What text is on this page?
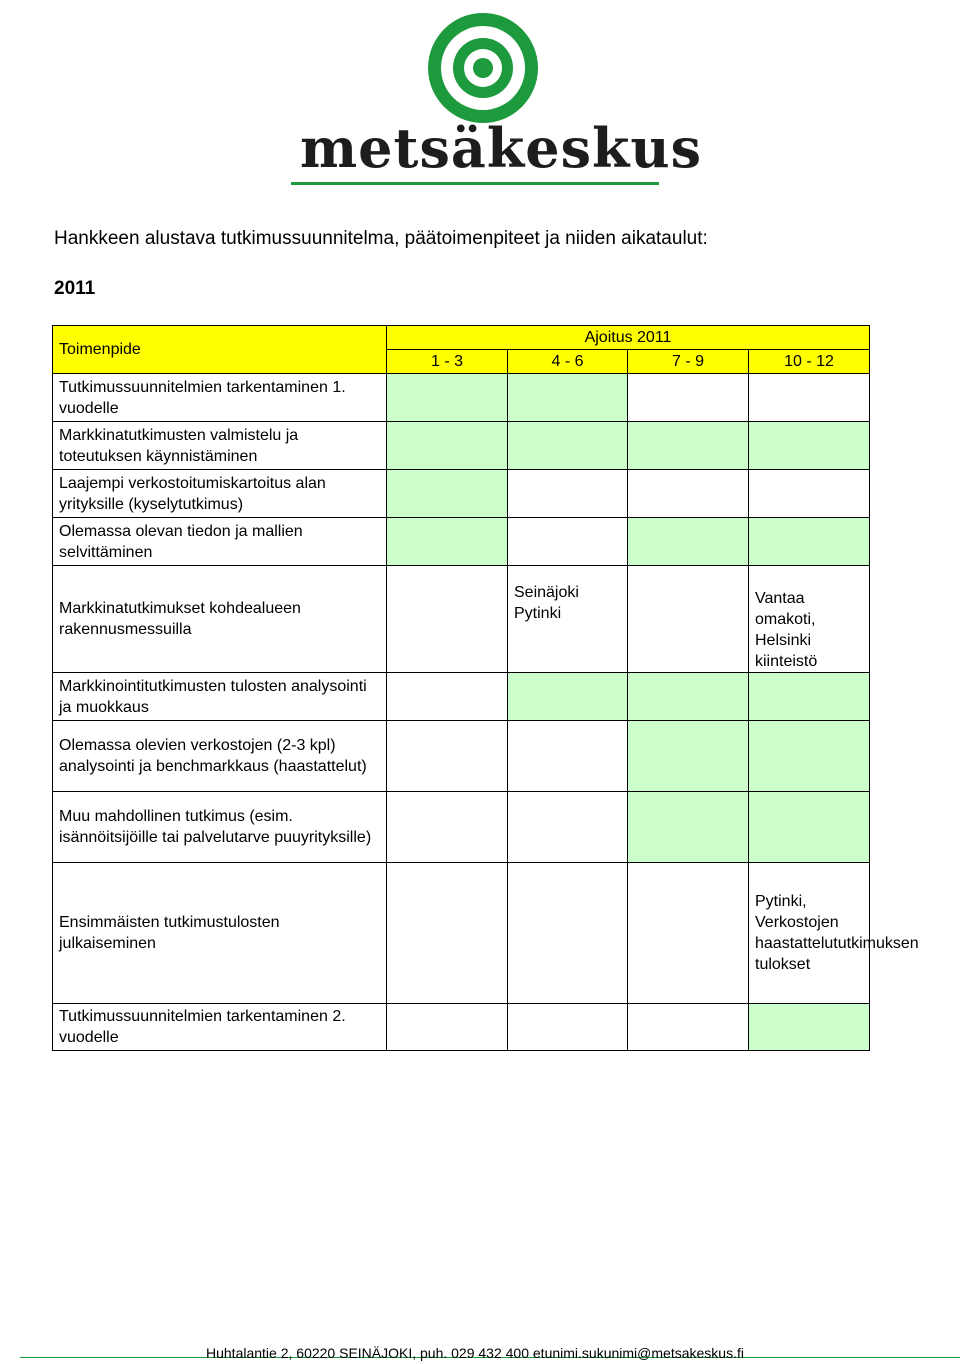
metsäkeskus
Hankkeen alustava tutkimussuunnitelma, päätoimenpiteet ja niiden aikataulut:
2011
Toimenpide	Ajoitus 2011			
	1 - 3	4 - 6	7 - 9	10 - 12
Tutkimussuunnitelmien tarkentaminen 1. vuodelle				
Markkinatutkimusten valmistelu ja toteutuksen käynnistäminen				
Laajempi verkostoitumiskartoitus alan yrityksille (kyselytutkimus)				
Olemassa olevan tiedon ja mallien selvittäminen				
Markkinatutkimukset kohdealueen rakennusmessuilla		Seinäjoki Pytinki		Vantaa omakoti, Helsinki kiinteistö
Markkinointitutkimusten tulosten analysointi ja muokkaus				
Olemassa olevien verkostojen (2-3 kpl) analysointi ja benchmarkkaus (haastattelut)				
Muu mahdollinen tutkimus (esim. isännöitsijöille tai palvelutarve puuyrityksille)				
Ensimmäisten tutkimustulosten julkaiseminen				Pytinki, Verkostojen haastattelututkimuksen tulokset
Tutkimussuunnitelmien tarkentaminen 2. vuodelle				
Huhtalantie 2, 60220 SEINÄJOKI, puh. 029 432 400 etunimi.sukunimi@metsakeskus.fi
